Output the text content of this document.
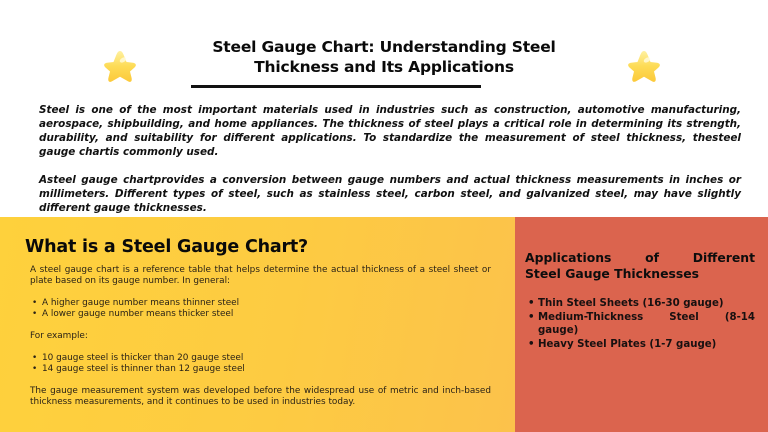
Steel Gauge Chart: Understanding Steel
Thickness and Its Applications

Steel is one of the most important materials used in industries such as construction, automotive manufacturing, aerospace, shipbuilding, and home appliances. The thickness of steel plays a critical role in determining its strength, durability, and suitability for different applications. To standardize the measurement of steel thickness, thesteel gauge chartis commonly used.

Asteel gauge chartprovides a conversion between gauge numbers and actual thickness measurements in inches or millimeters. Different types of steel, such as stainless steel, carbon steel, and galvanized steel, may have slightly different gauge thicknesses.

What is a Steel Gauge Chart?

A steel gauge chart is a reference table that helps determine the actual thickness of a steel sheet or plate based on its gauge number. In general:

• A higher gauge number means thinner steel
• A lower gauge number means thicker steel

For example:

• 10 gauge steel is thicker than 20 gauge steel
• 14 gauge steel is thinner than 12 gauge steel

The gauge measurement system was developed before the widespread use of metric and inch-based thickness measurements, and it continues to be used in industries today.

Applications	of	Different
Steel Gauge Thicknesses
• Thin Steel Sheets (16-30 gauge)
• Medium-Thickness	Steel	(8-14
gauge)
• Heavy Steel Plates (1-7 gauge)
